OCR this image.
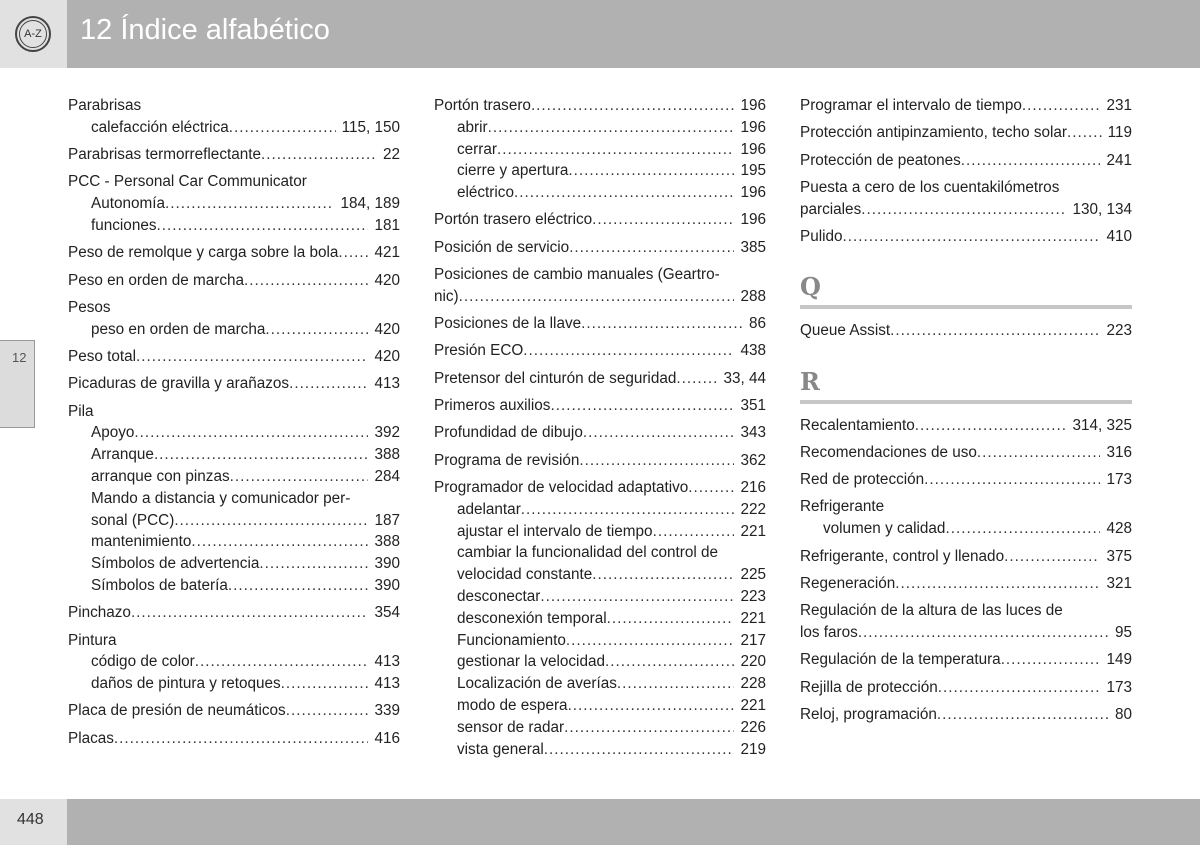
A-Z 12 Índice alfabético
12
Parabrisas
calefacción eléctrica .....	115, 150
Parabrisas termorreflectante .....	22
PCC - Personal Car Communicator
Autonomía .....	184, 189
funciones .....	181
Peso de remolque y carga sobre la bola .....	421
Peso en orden de marcha .....	420
Pesos
peso en orden de marcha .....	420
Peso total .....	420
Picaduras de gravilla y arañazos .....	413
Pila
Apoyo .....	392
Arranque .....	388
arranque con pinzas .....	284
Mando a distancia y comunicador per-
sonal (PCC) .....	187
mantenimiento .....	388
Símbolos de advertencia .....	390
Símbolos de batería .....	390
Pinchazo .....	354
Pintura
código de color .....	413
daños de pintura y retoques .....	413
Placa de presión de neumáticos .....	339
Placas .....	416
Portón trasero .....	196
abrir .....	196
cerrar .....	196
cierre y apertura .....	195
eléctrico .....	196
Portón trasero eléctrico .....	196
Posición de servicio .....	385
Posiciones de cambio manuales (Geartro-
nic) .....	288
Posiciones de la llave .....	86
Presión ECO .....	438
Pretensor del cinturón de seguridad .....	33, 44
Primeros auxilios .....	351
Profundidad de dibujo .....	343
Programa de revisión .....	362
Programador de velocidad adaptativo .....	216
adelantar .....	222
ajustar el intervalo de tiempo .....	221
cambiar la funcionalidad del control de
velocidad constante .....	225
desconectar .....	223
desconexión temporal .....	221
Funcionamiento .....	217
gestionar la velocidad .....	220
Localización de averías .....	228
modo de espera .....	221
sensor de radar .....	226
vista general .....	219
Programar el intervalo de tiempo .....	231
Protección antipinzamiento, techo solar .....	119
Protección de peatones .....	241
Puesta a cero de los cuentakilómetros
parciales .....	130, 134
Pulido .....	410
Q
Queue Assist .....	223
R
Recalentamiento .....	314, 325
Recomendaciones de uso .....	316
Red de protección .....	173
Refrigerante
volumen y calidad .....	428
Refrigerante, control y llenado .....	375
Regeneración .....	321
Regulación de la altura de las luces de
los faros .....	95
Regulación de la temperatura .....	149
Rejilla de protección .....	173
Reloj, programación .....	80
448
